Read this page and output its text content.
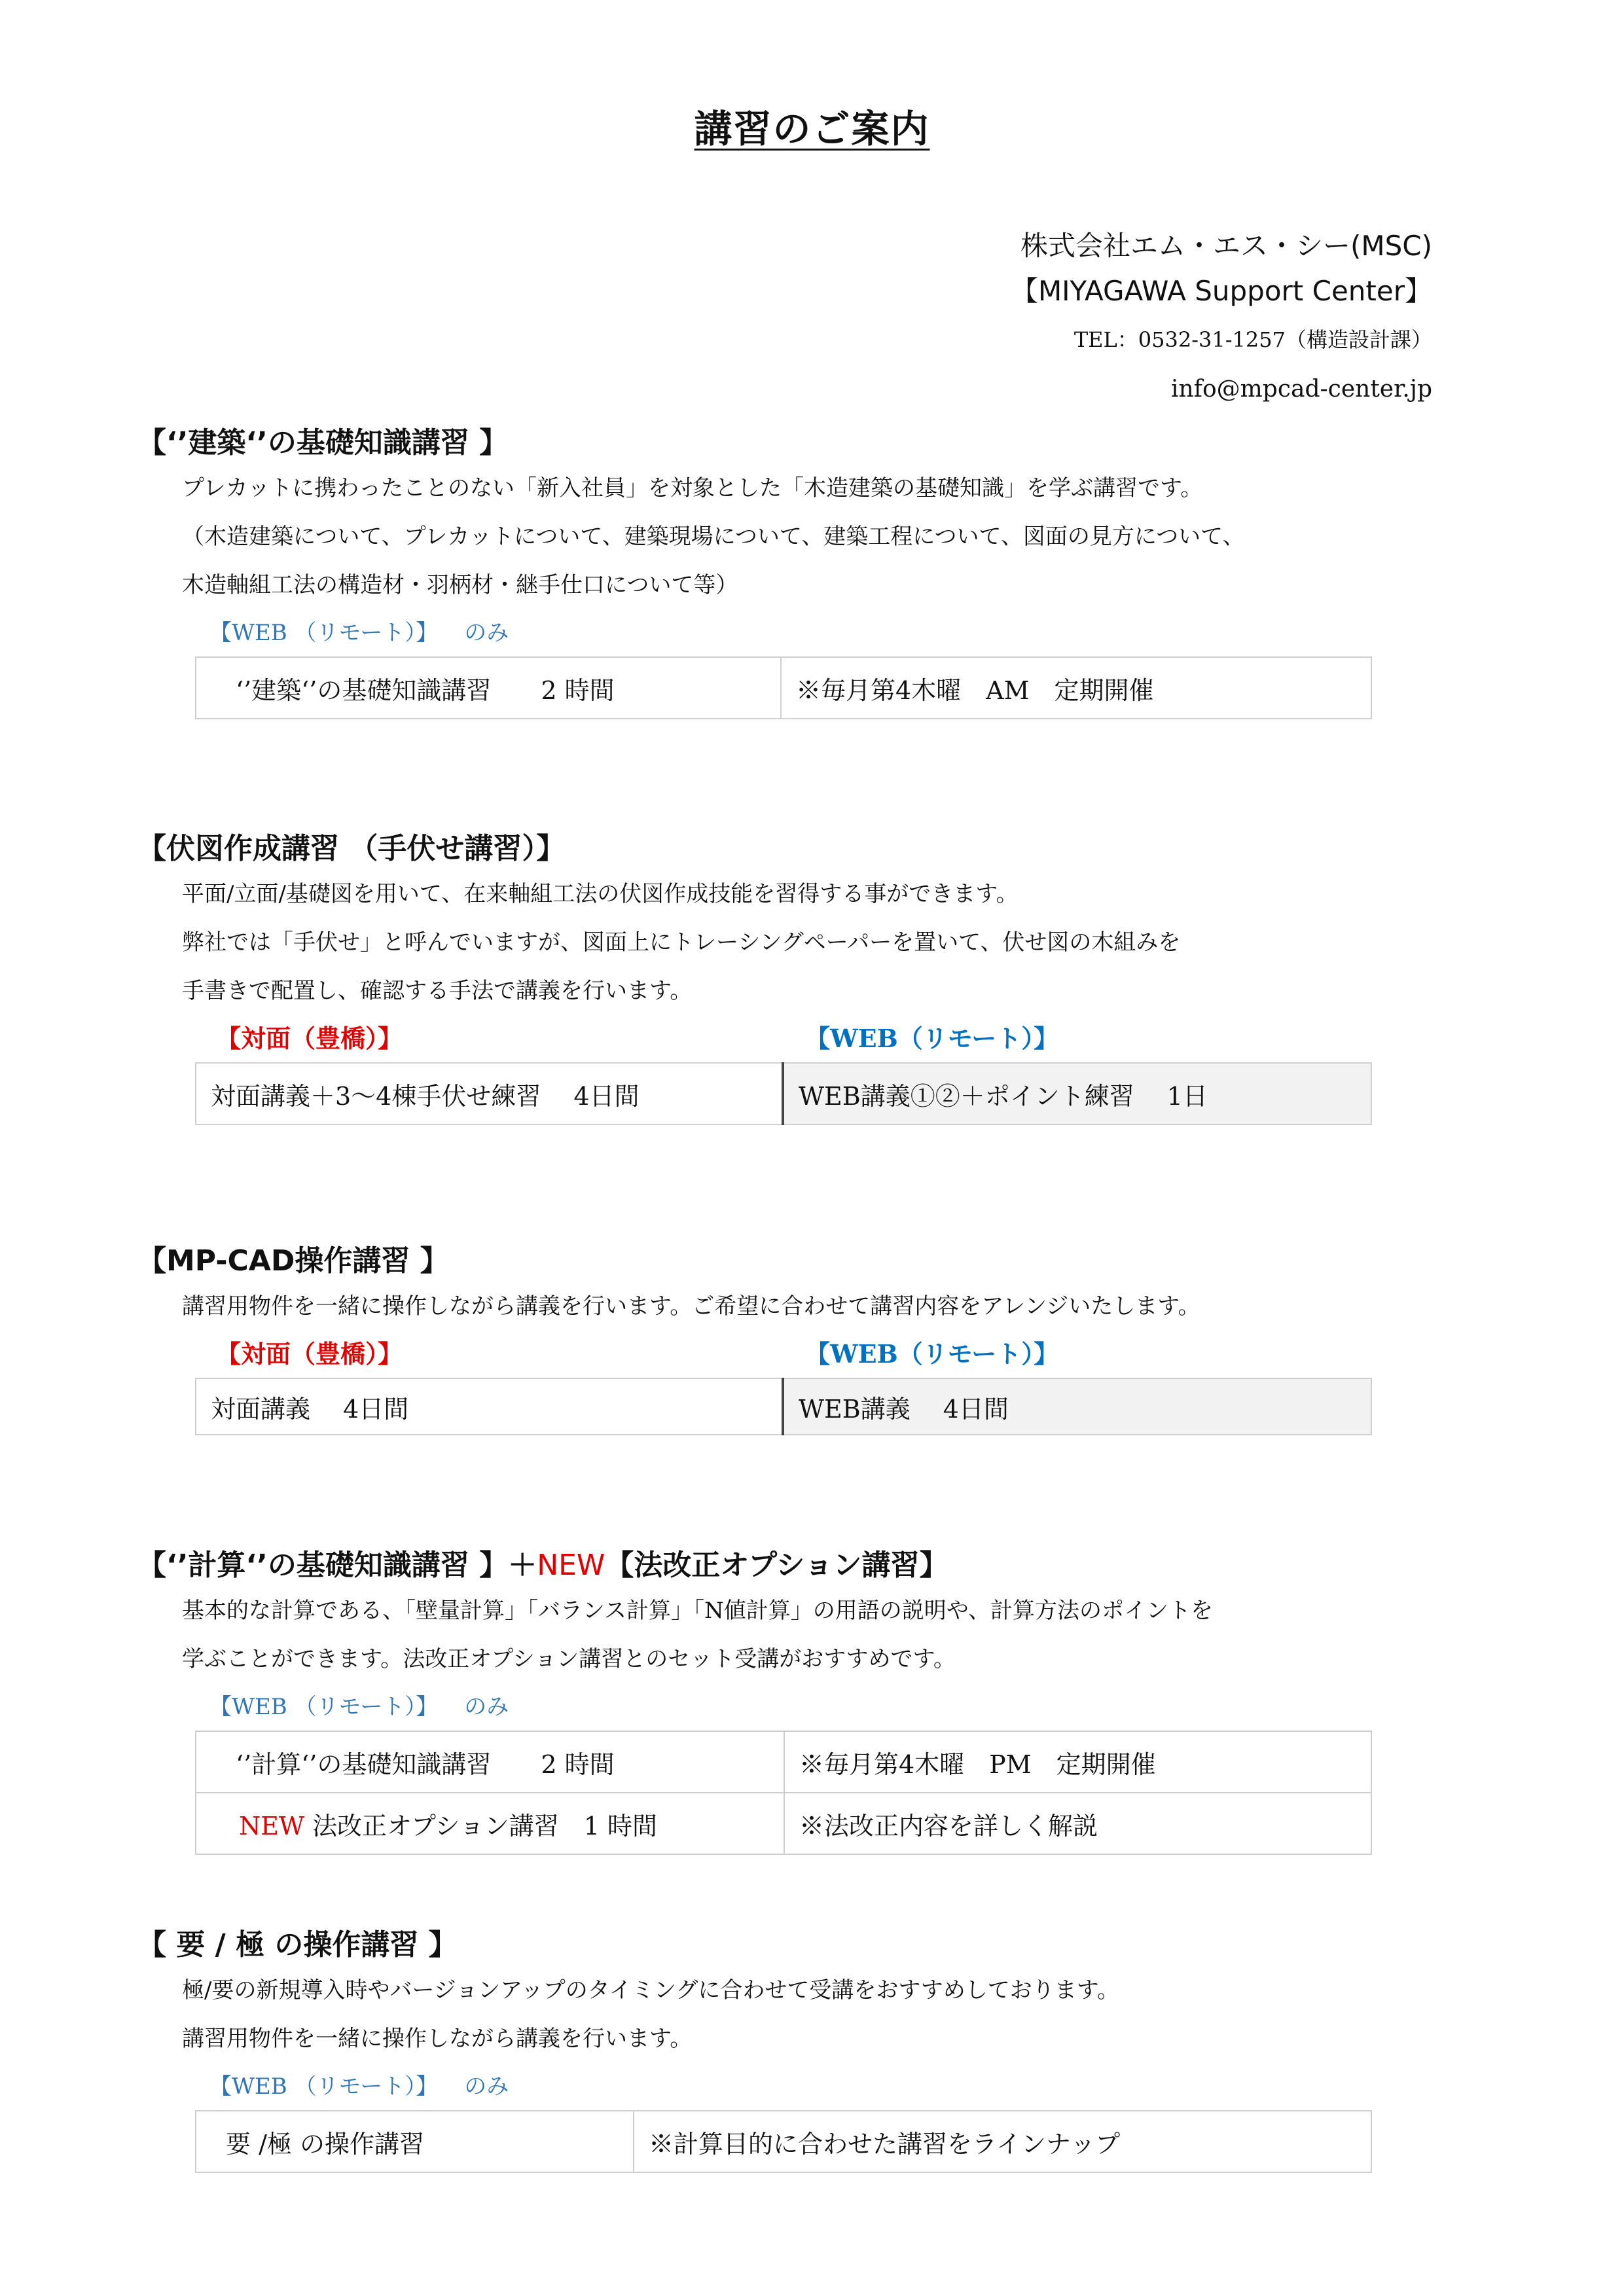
講習のご案内
株式会社エム・エス・シー(MSC)
【MIYAGAWA Support Center】
TEL：0532-31-1257（構造設計課）
info@mpcad-center.jp
【‘’建築‘’の基礎知識講習 】
プレカットに携わったことのない「新入社員」を対象とした「木造建築の基礎知識」を学ぶ講習です。
（木造建築について、プレカットについて、建築現場について、建築工程について、図面の見方について、
木造軸組工法の構造材・羽柄材・継手仕口について等）
【WEB （リモート）】 のみ
‘’建築‘’の基礎知識講習　　2 時間	※毎月第4木曜　AM　定期開催
【伏図作成講習 （手伏せ講習）】
平面/立面/基礎図を用いて、在来軸組工法の伏図作成技能を習得する事ができます。
弊社では「手伏せ」と呼んでいますが、図面上にトレーシングペーパーを置いて、伏せ図の木組みを
手書きで配置し、確認する手法で講義を行います。
【対面（豊橋）】	【WEB（リモート）】
対面講義＋3～4棟手伏せ練習　 4日間	WEB講義①②＋ポイント練習　 1日
【MP-CAD操作講習 】
講習用物件を一緒に操作しながら講義を行います。ご希望に合わせて講習内容をアレンジいたします。
【対面（豊橋）】	【WEB（リモート）】
対面講義　 4日間	WEB講義　 4日間
【‘’計算‘’の基礎知識講習 】＋NEW【法改正オプション講習】
基本的な計算である、「壁量計算」「バランス計算」「N値計算」の用語の説明や、計算方法のポイントを
学ぶことができます。法改正オプション講習とのセット受講がおすすめです。
【WEB （リモート）】 のみ
‘’計算‘’の基礎知識講習　　2 時間	※毎月第4木曜　PM　定期開催
NEW 法改正オプション講習　1 時間	※法改正内容を詳しく解説
【 要 / 極 の操作講習 】
極/要の新規導入時やバージョンアップのタイミングに合わせて受講をおすすめしております。
講習用物件を一緒に操作しながら講義を行います。
【WEB （リモート）】 のみ
要 /極 の操作講習	※計算目的に合わせた講習をラインナップ
